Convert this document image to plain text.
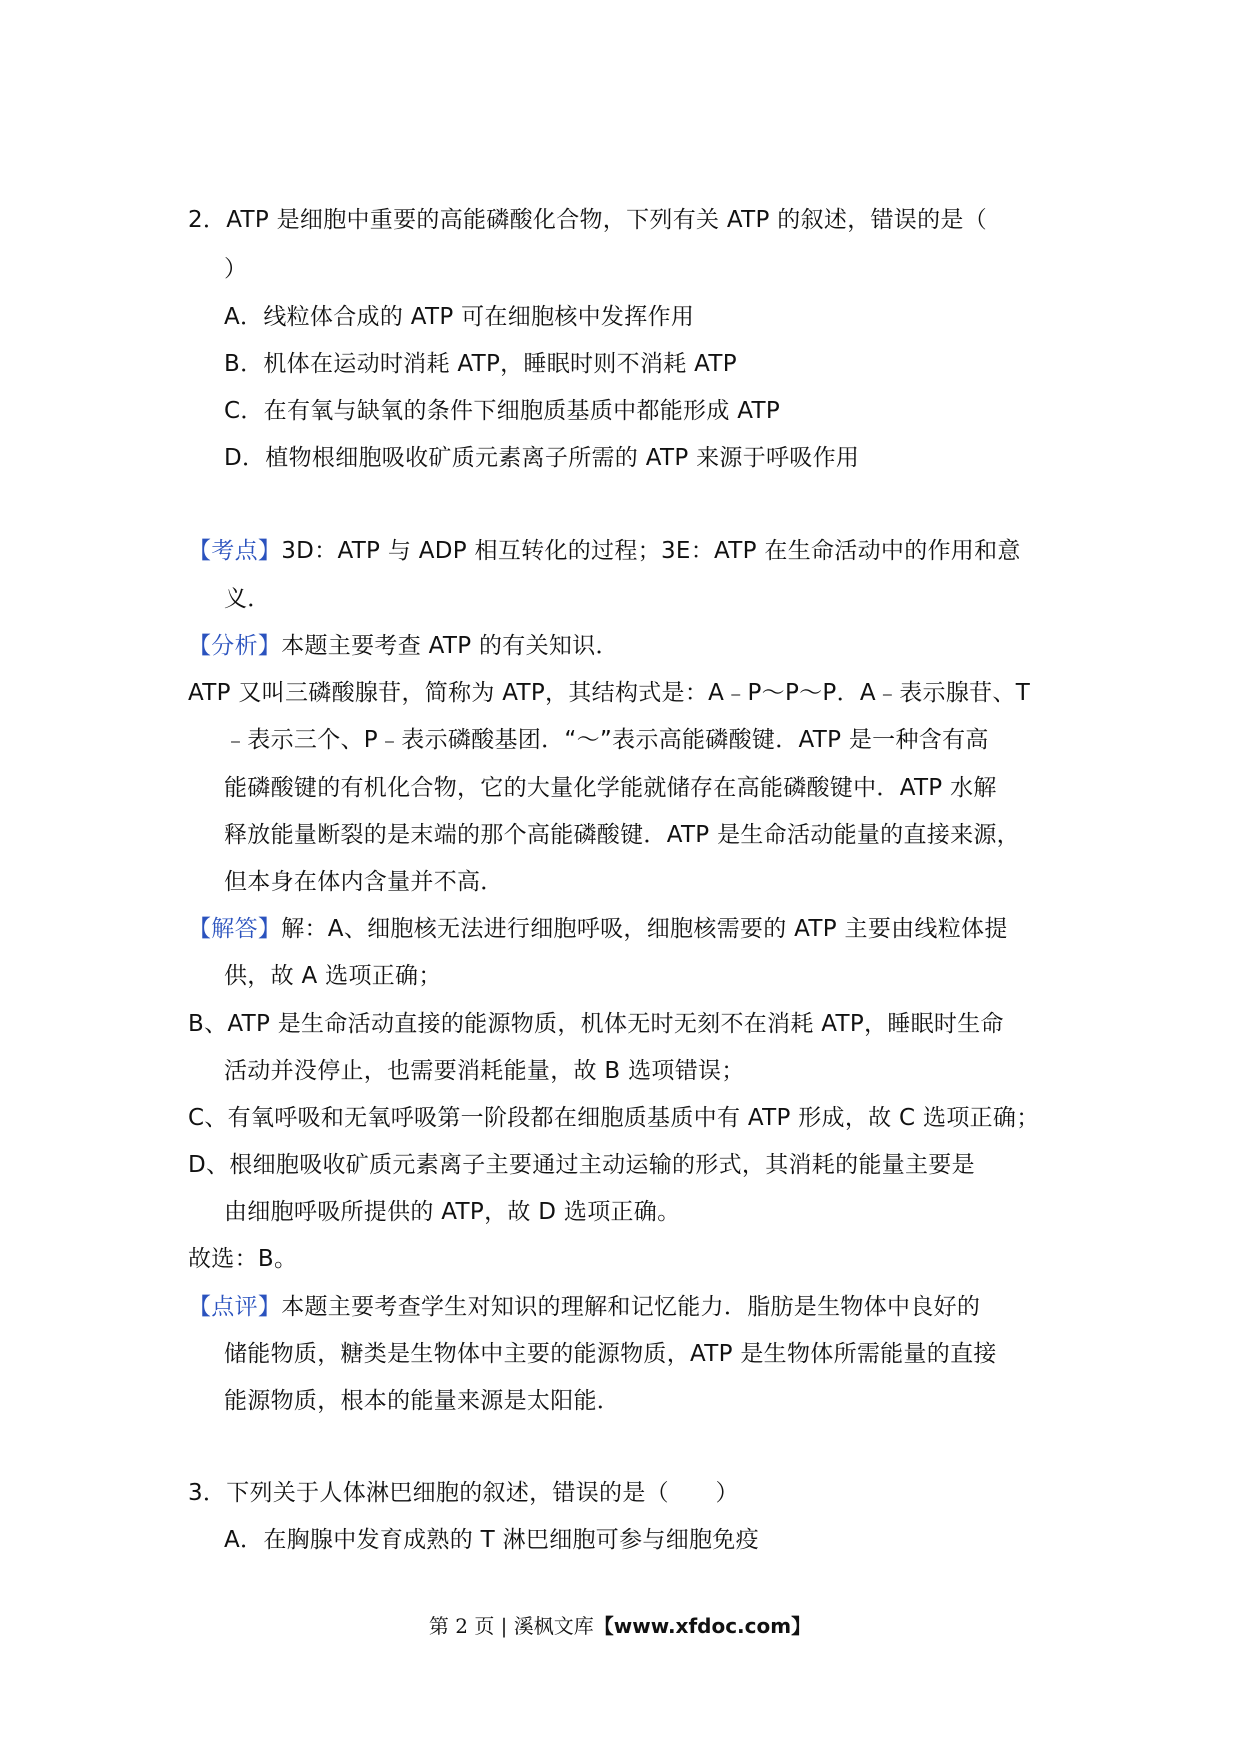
2．ATP 是细胞中重要的高能磷酸化合物，下列有关 ATP 的叙述，错误的是（
）
A．线粒体合成的 ATP 可在细胞核中发挥作用
B．机体在运动时消耗 ATP，睡眠时则不消耗 ATP
C．在有氧与缺氧的条件下细胞质基质中都能形成 ATP
D．植物根细胞吸收矿质元素离子所需的 ATP 来源于呼吸作用
【考点】3D：ATP 与 ADP 相互转化的过程；3E：ATP 在生命活动中的作用和意
义．
【分析】本题主要考查 ATP 的有关知识．
ATP 又叫三磷酸腺苷，简称为 ATP，其结构式是：A﹣P～P～P．A﹣表示腺苷、T
﹣表示三个、P﹣表示磷酸基团．“～”表示高能磷酸键．ATP 是一种含有高
能磷酸键的有机化合物，它的大量化学能就储存在高能磷酸键中．ATP 水解
释放能量断裂的是末端的那个高能磷酸键．ATP 是生命活动能量的直接来源，
但本身在体内含量并不高．
【解答】解：A、细胞核无法进行细胞呼吸，细胞核需要的 ATP 主要由线粒体提
供，故 A 选项正确；
B、ATP 是生命活动直接的能源物质，机体无时无刻不在消耗 ATP，睡眠时生命
活动并没停止，也需要消耗能量，故 B 选项错误；
C、有氧呼吸和无氧呼吸第一阶段都在细胞质基质中有 ATP 形成，故 C 选项正确；
D、根细胞吸收矿质元素离子主要通过主动运输的形式，其消耗的能量主要是
由细胞呼吸所提供的 ATP，故 D 选项正确。
故选：B。
【点评】本题主要考查学生对知识的理解和记忆能力．脂肪是生物体中良好的
储能物质，糖类是生物体中主要的能源物质，ATP 是生物体所需能量的直接
能源物质，根本的能量来源是太阳能．
3．下列关于人体淋巴细胞的叙述，错误的是（　　）
A．在胸腺中发育成熟的 T 淋巴细胞可参与细胞免疫
第 2 页 | 溪枫文库【www.xfdoc.com】
